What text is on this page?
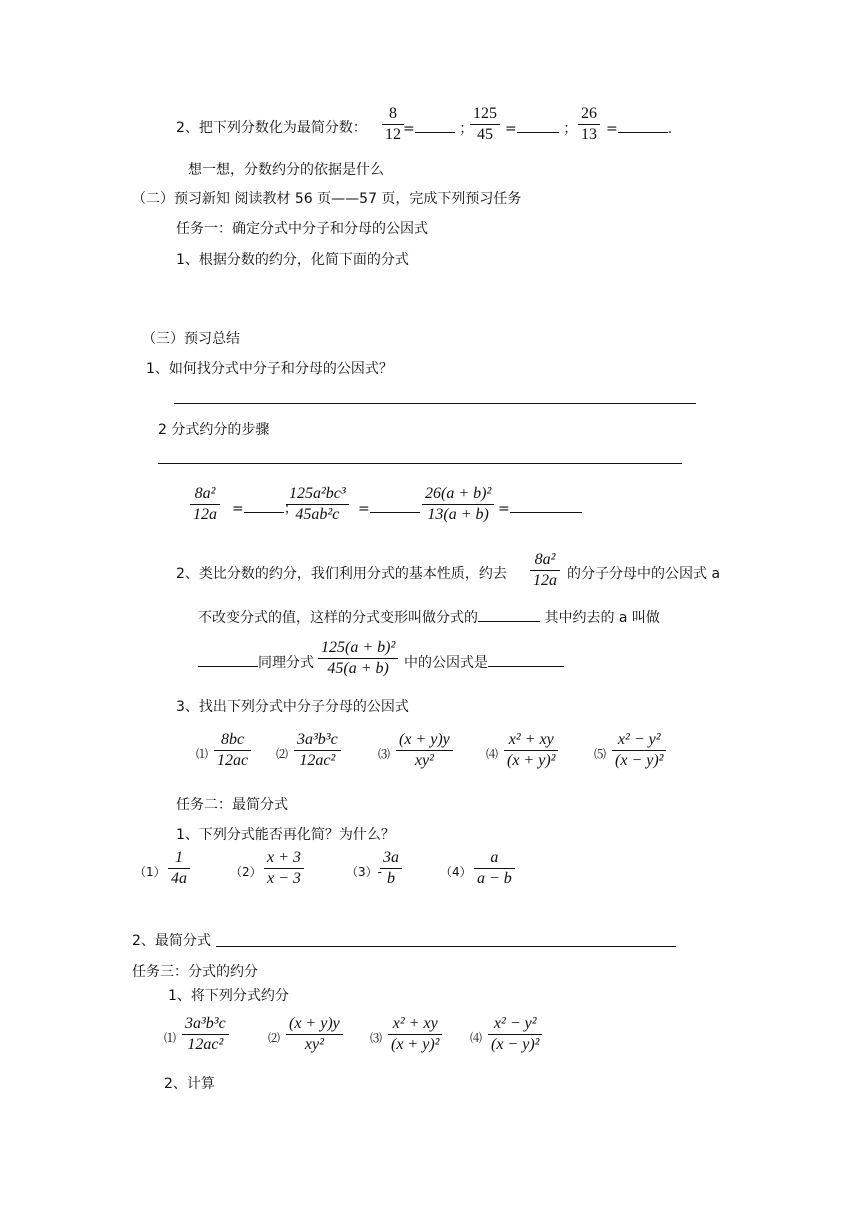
2、把下列分数化为最简分数：
8
12 =	；
125
45 =	；
26
13 =	.
想一想，分数约分的依据是什么
（二）预习新知 阅读教材 56 页——57 页，完成下列预习任务
任务一：确定分式中分子和分母的公因式
1、根据分数的约分，化简下面的分式
（三）预习总结
1、如何找分式中分子和分母的公因式？
2 分式约分的步骤
8a²
12a =	；
125a²bc³
45ab²c	=
26(a + b)²
13(a + b) =
2、类比分数的约分，我们利用分式的基本性质，约去
8a²
12a 的分子分母中的公因式 a
不改变分式的值，这样的分式变形叫做分式的	其中约去的 a 叫做
同理分式
125(a + b)²
45(a + b)	中的公因式是
3、找出下列分式中分子分母的公因式
⑴
8bc
12ac ⑵
3a³b³c
12ac²	⑶
(x + y)y
xy²	⑷
x² + xy
(x + y)²	⑸
x² − y²
(x − y)²
任务二：最简分式
1、下列分式能否再化简？为什么？
（1）
1
4a	（2）
x + 3
x − 3	（3）-
3a
b	（4）
a
a − b
2、最简分式
任务三：分式的约分
1、将下列分式约分
⑴
3a³b³c
12ac²	⑵
(x + y)y
xy²	⑶
x² + xy
(x + y)²	⑷
x² − y²
(x − y)²
2、计算
